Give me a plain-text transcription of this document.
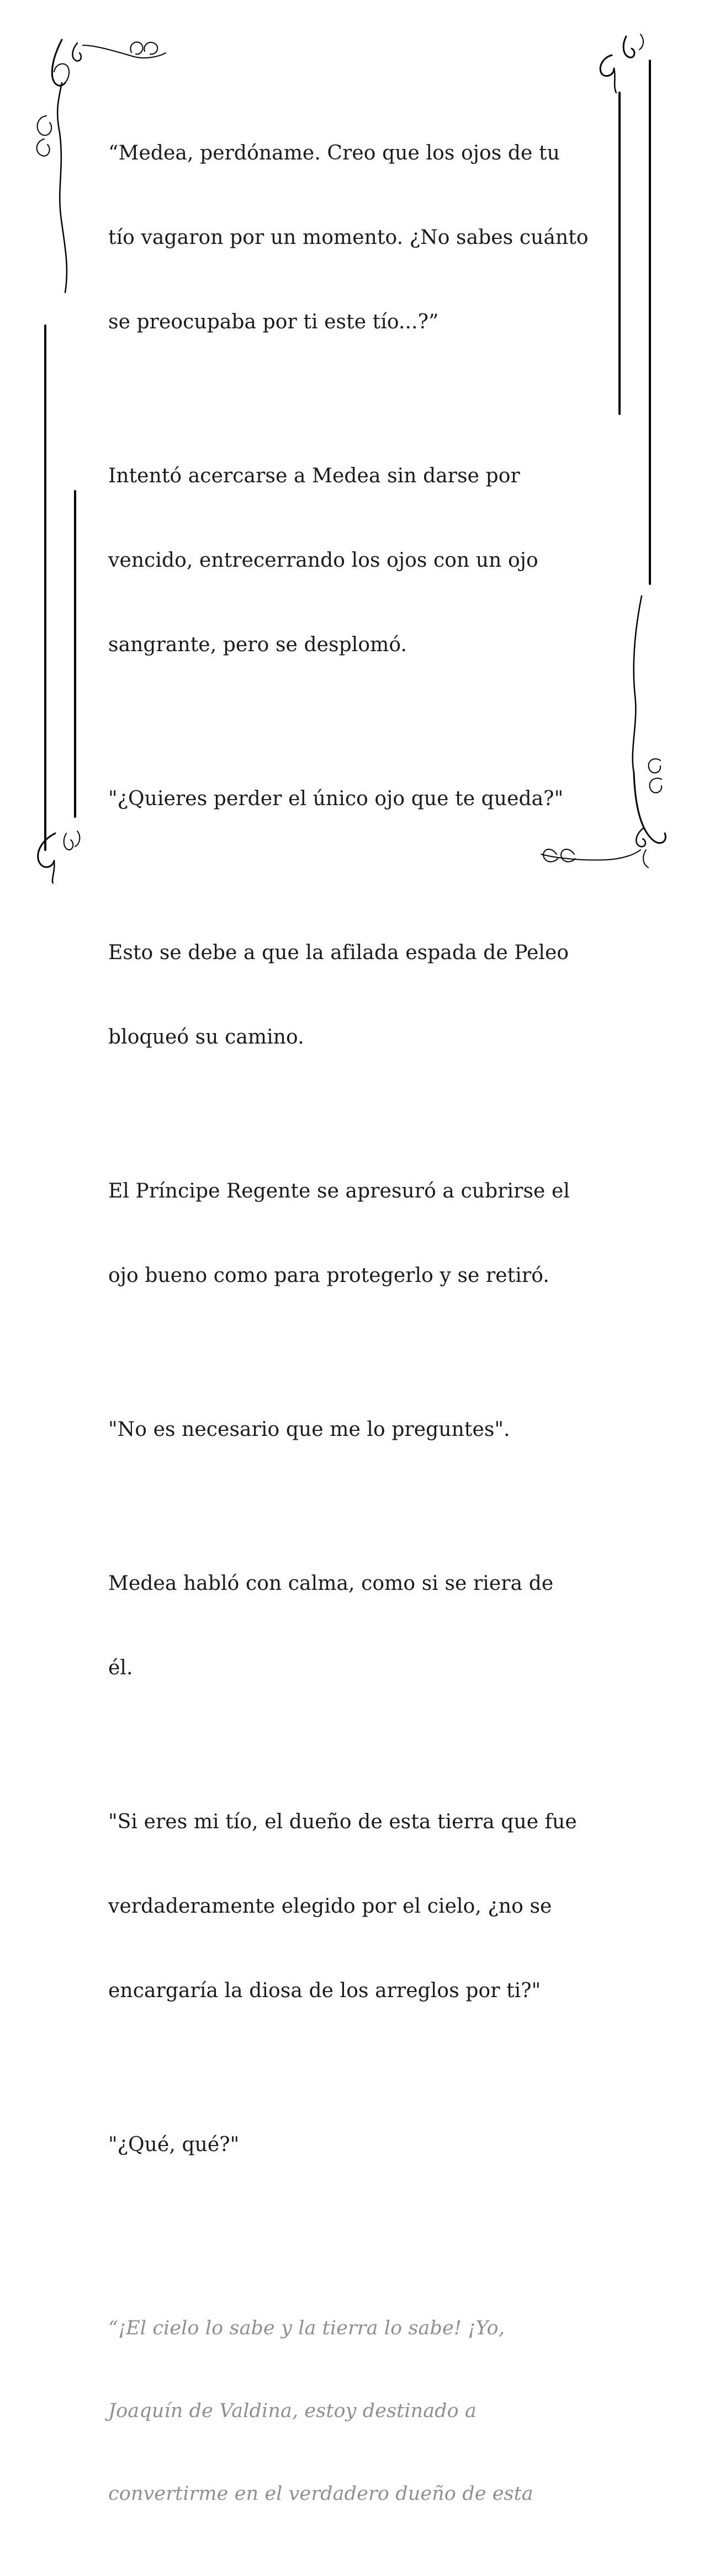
“Medea, perdóname. Creo que los ojos de tu

tío vagaron por un momento. ¿No sabes cuánto

se preocupaba por ti este tío...?”

Intentó acercarse a Medea sin darse por

vencido, entrecerrando los ojos con un ojo

sangrante, pero se desplomó.

"¿Quieres perder el único ojo que te queda?"

Esto se debe a que la afilada espada de Peleo

bloqueó su camino.

El Príncipe Regente se apresuró a cubrirse el

ojo bueno como para protegerlo y se retiró.

"No es necesario que me lo preguntes".

Medea habló con calma, como si se riera de

él.

"Si eres mi tío, el dueño de esta tierra que fue

verdaderamente elegido por el cielo, ¿no se

encargaría la diosa de los arreglos por ti?"

"¿Qué, qué?"

“¡El cielo lo sabe y la tierra lo sabe! ¡Yo,

Joaquín de Valdina, estoy destinado a

convertirme en el verdadero dueño de esta
